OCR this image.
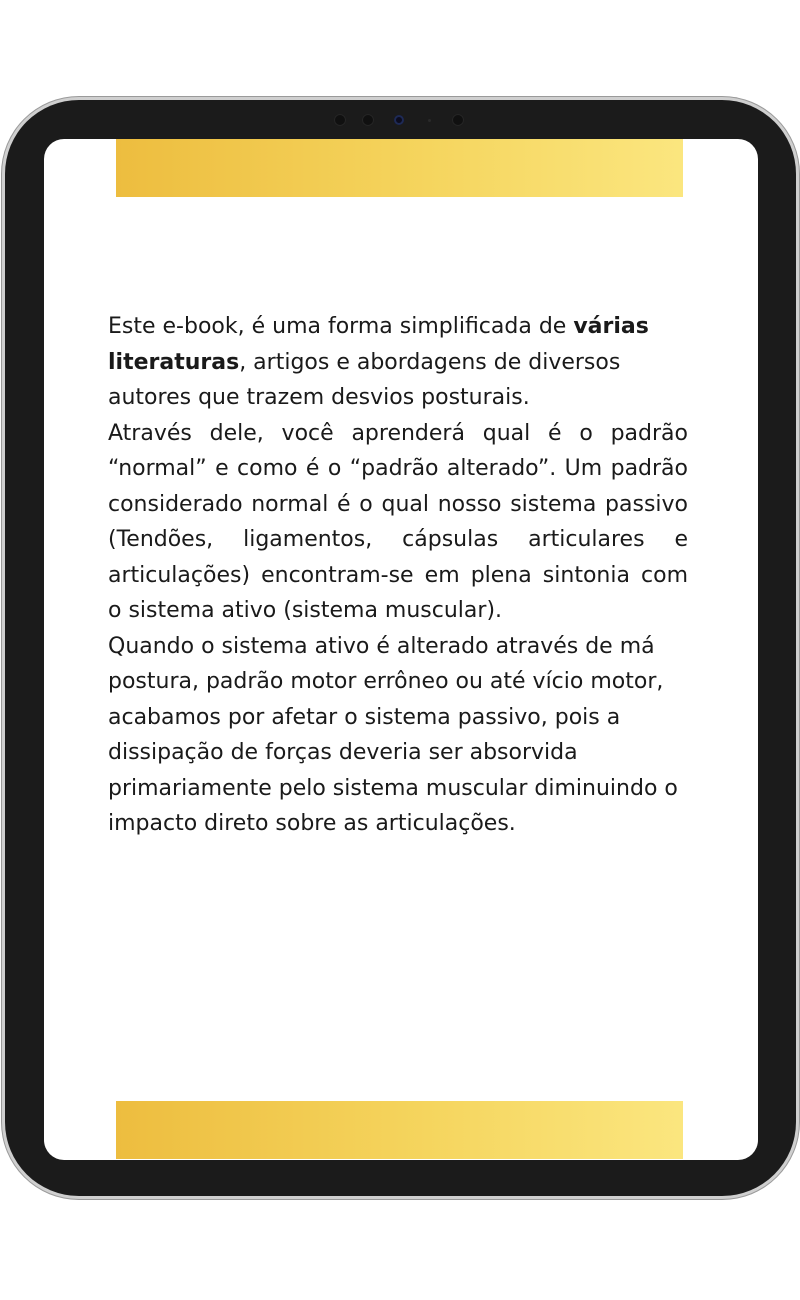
Este e-book, é uma forma simplificada de várias literaturas, artigos e abordagens de diversos autores que trazem desvios posturais.

Através dele, você aprenderá qual é o padrão “normal” e como é o “padrão alterado”. Um padrão considerado normal é o qual nosso sistema passivo (Tendões, ligamentos, cápsulas articulares e articulações) encontram-se em plena sintonia com o sistema ativo (sistema muscular).

Quando o sistema ativo é alterado através de má postura, padrão motor errôneo ou até vício motor, acabamos por afetar o sistema passivo, pois a dissipação de forças deveria ser absorvida primariamente pelo sistema muscular diminuindo o impacto direto sobre as articulações.
